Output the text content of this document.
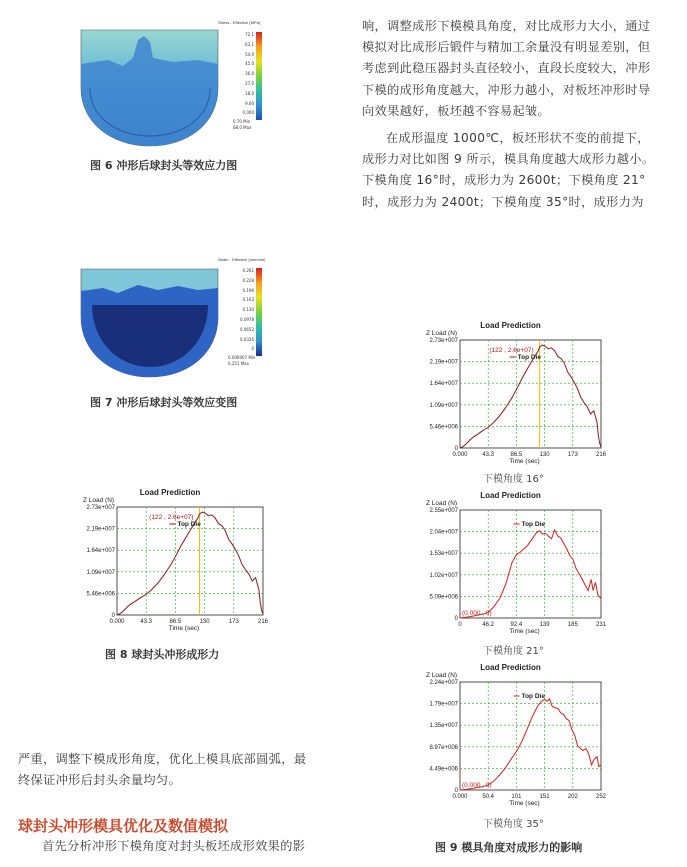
Stress - Effective (MPa)
72.1
63.1
54.0
45.0
36.0
27.0
18.0
9.00
0.000
0.70 Min
68.0 Max
图 6 冲形后球封头等效应力图
Strain - Effective (mm/mm)
0.261
0.228
0.196
0.163
0.130
0.0978
0.0652
0.0326
0
0.000007 Min
0.251 Max
图 7 冲形后球封头等效应变图
Load Prediction
Z Load (N)
0.000	43.3	86.5	130	173	216
0
5.46e+006
1.09e+007
1.64e+007
2.19e+007
2.73e+007
Time (sec)
(122 , 2.6e+07)
Top Die
图 8 球封头冲形成形力
Load Prediction
Z Load (N)
0.000 43.3	86.5	130	173	216
0
5.46e+006
1.09e+007
1.64e+007
2.19e+007
2.73e+007
Time (sec)
(122 , 2.6e+07)
Top Die
下模角度 16°
Load Prediction
Z Load (N)
0	46.2	92.4	139	185	231
0
5.09e+006
1.02e+007
1.53e+007
2.04e+007
2.55e+007
Time (sec)
(0.000 , 0)
Top Die
下模角度 21°
Load Prediction
Z Load (N)
0.000 50.4	101	151	202	252
0
4.49e+006
8.97e+006
1.35e+007
1.79e+007
2.24e+007
Time (sec)
(0.000 , 0)
Top Die
下模角度 35°
图 9 模具角度对成形力的影响
响，调整成形下模模具角度，对比成形力大小，通过
模拟对比成形后锻件与精加工余量没有明显差别，但
考虑到此稳压器封头直径较小，直段长度较大，冲形
下模的成形角度越大，冲形力越小，对板坯冲形时导
向效果越好，板坯越不容易起皱。
在成形温度 1000℃，板坯形状不变的前提下，
成形力对比如图 9 所示，模具角度越大成形力越小。
下模角度 16°时，成形力为 2600t；下模角度 21°
时，成形力为 2400t；下模角度 35°时，成形力为
严重，调整下模成形角度，优化上模具底部圆弧，最
终保证冲形后封头余量均匀。
球封头冲形模具优化及数值模拟
首先分析冲形下模角度对封头板坯成形效果的影
